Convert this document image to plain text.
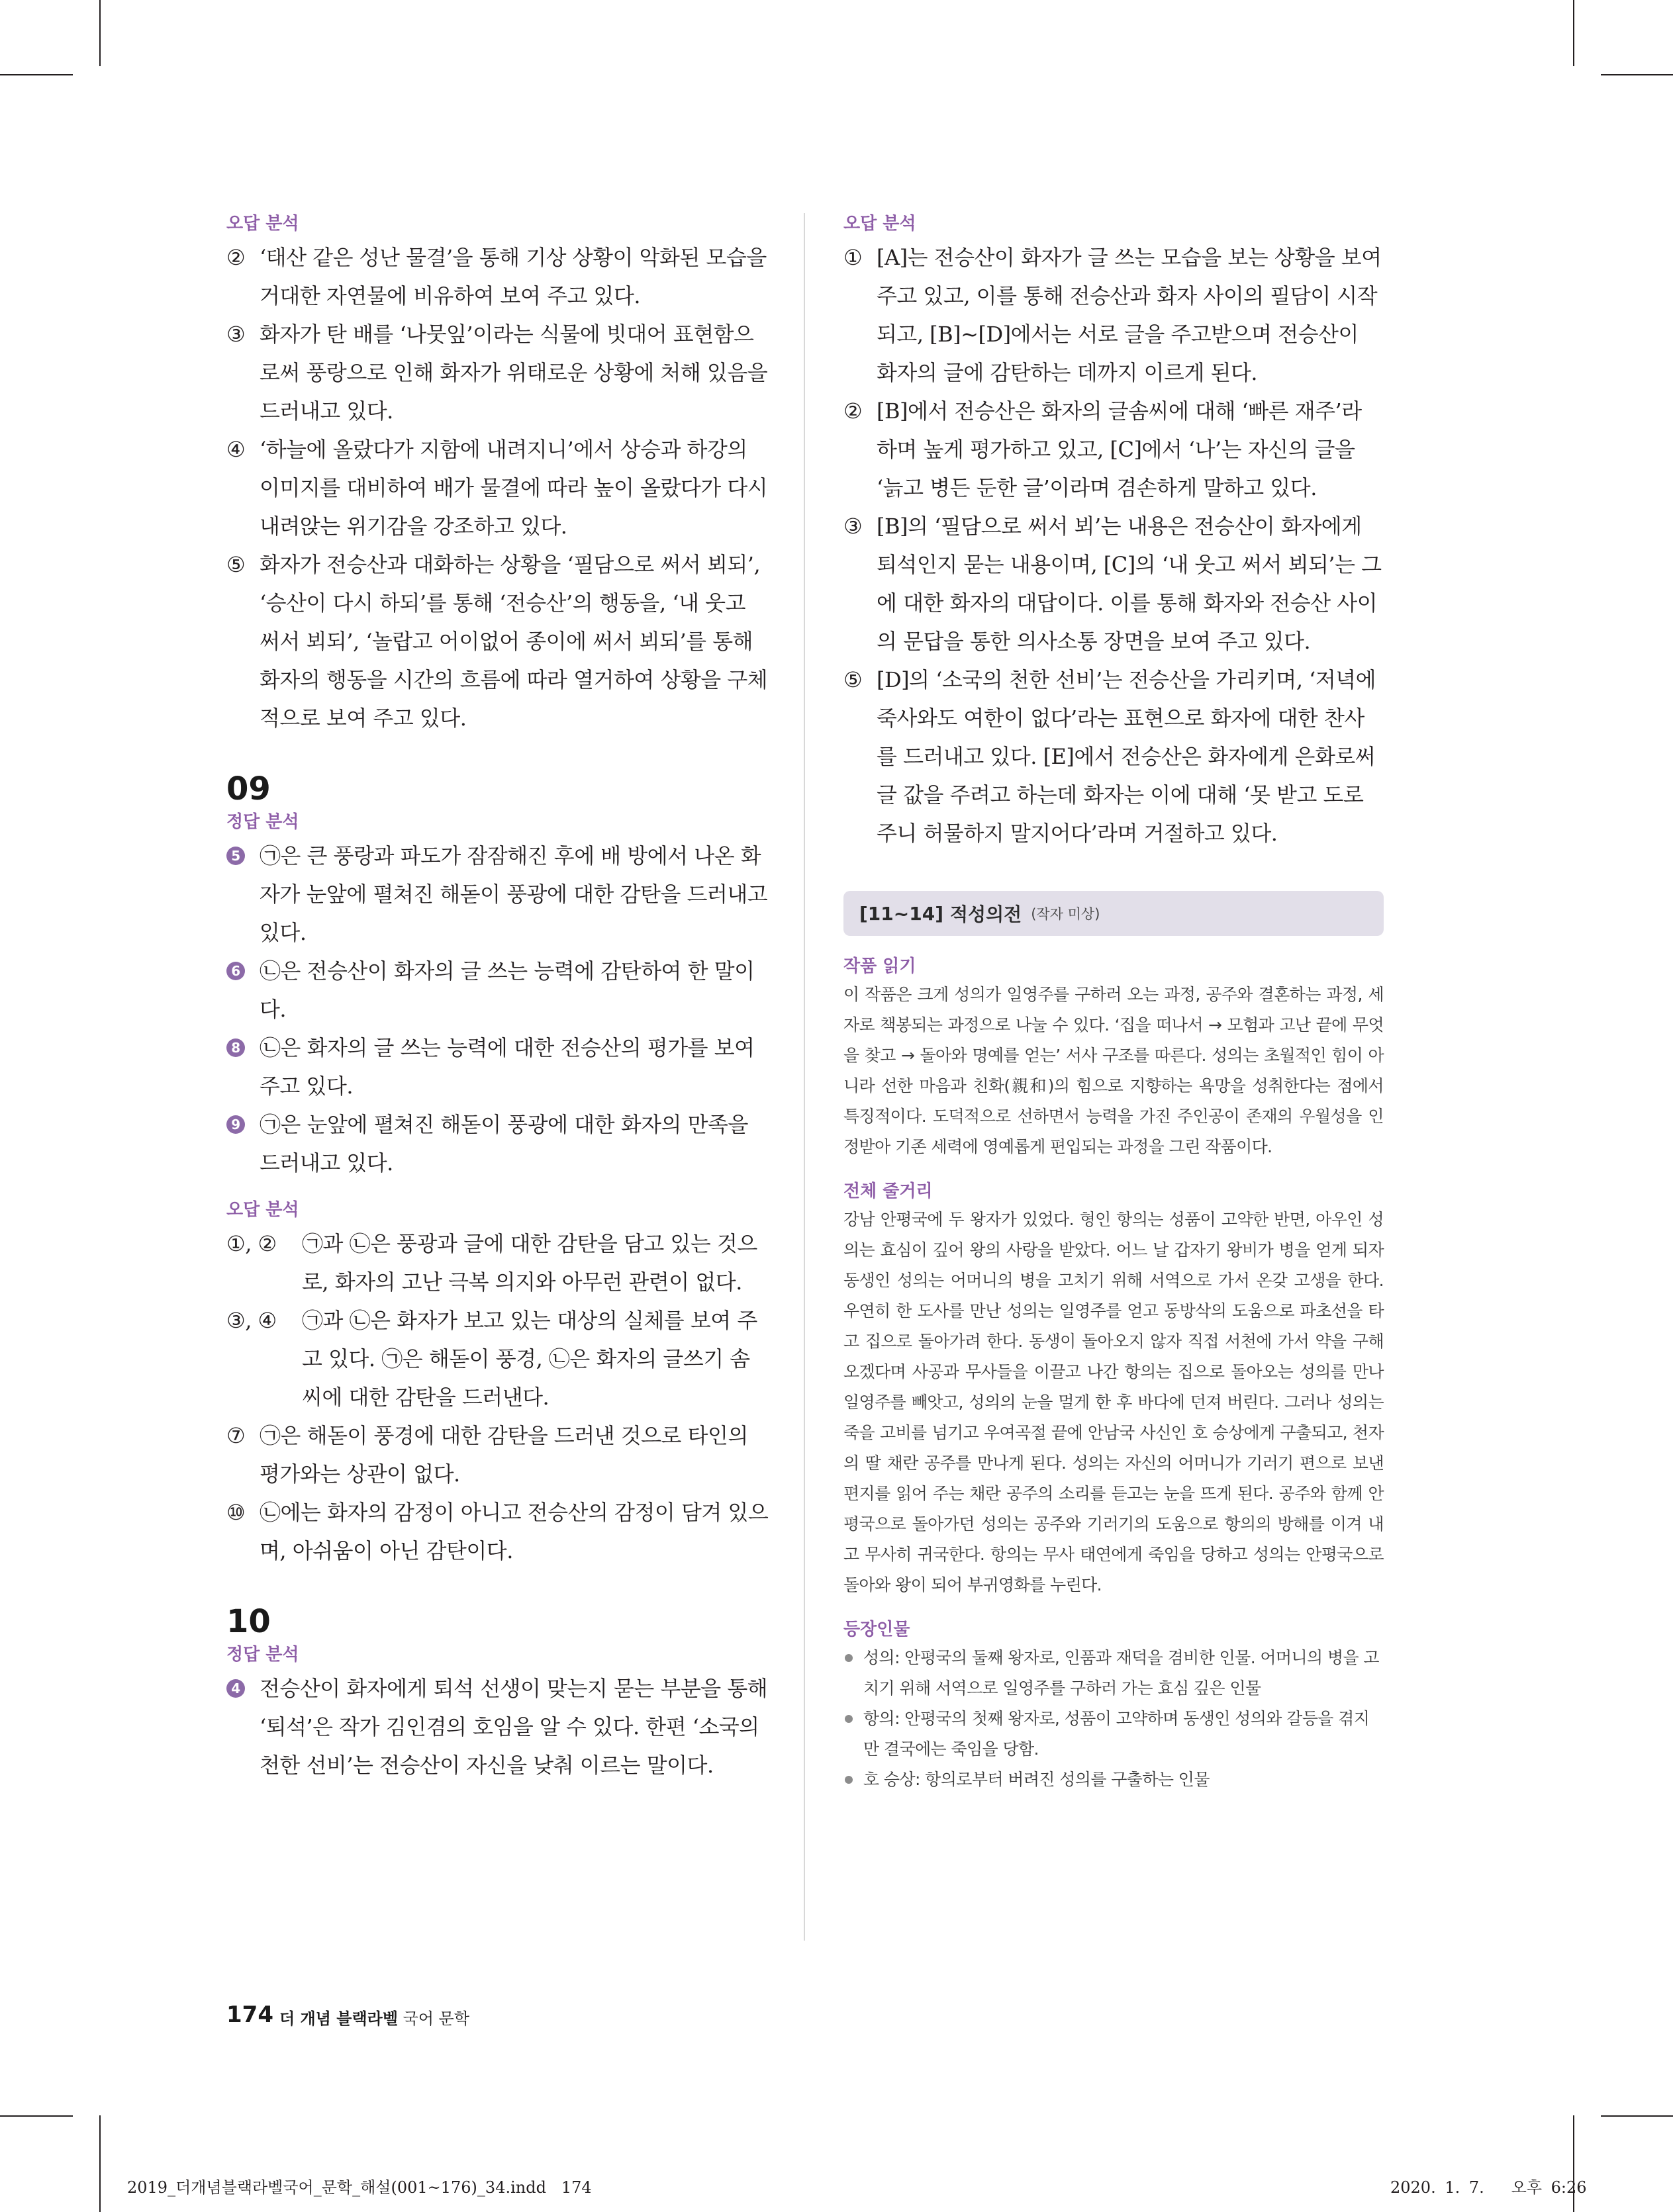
오답 분석

② ‘태산 같은 성난 물결’을 통해 기상 상황이 악화된 모습을 거대한 자연물에 비유하여 보여 주고 있다.
③ 화자가 탄 배를 ‘나뭇잎’이라는 식물에 빗대어 표현함으로써 풍랑으로 인해 화자가 위태로운 상황에 처해 있음을 드러내고 있다.
④ ‘하늘에 올랐다가 지함에 내려지니’에서 상승과 하강의 이미지를 대비하여 배가 물결에 따라 높이 올랐다가 다시 내려앉는 위기감을 강조하고 있다.
⑤ 화자가 전승산과 대화하는 상황을 ‘필담으로 써서 뵈되’, ‘승산이 다시 하되’를 통해 ‘전승산’의 행동을, ‘내 웃고 써서 뵈되’, ‘놀랍고 어이없어 종이에 써서 뵈되’를 통해 화자의 행동을 시간의 흐름에 따라 열거하여 상황을 구체적으로 보여 주고 있다.

09

정답 분석

5 ㉠은 큰 풍랑과 파도가 잠잠해진 후에 배 방에서 나온 화자가 눈앞에 펼쳐진 해돋이 풍광에 대한 감탄을 드러내고 있다.
6 ㉡은 전승산이 화자의 글 쓰는 능력에 감탄하여 한 말이다.
8 ㉡은 화자의 글 쓰는 능력에 대한 전승산의 평가를 보여 주고 있다.
9 ㉠은 눈앞에 펼쳐진 해돋이 풍광에 대한 화자의 만족을 드러내고 있다.

오답 분석

①, ②	㉠과 ㉡은 풍광과 글에 대한 감탄을 담고 있는 것으로, 화자의 고난 극복 의지와 아무런 관련이 없다.
③, ④	㉠과 ㉡은 화자가 보고 있는 대상의 실체를 보여 주고 있다. ㉠은 해돋이 풍경, ㉡은 화자의 글쓰기 솜씨에 대한 감탄을 드러낸다.
⑦ ㉠은 해돋이 풍경에 대한 감탄을 드러낸 것으로 타인의 평가와는 상관이 없다.
⑩ ㉡에는 화자의 감정이 아니고 전승산의 감정이 담겨 있으며, 아쉬움이 아닌 감탄이다.

10

정답 분석

4 전승산이 화자에게 퇴석 선생이 맞는지 묻는 부분을 통해 ‘퇴석’은 작가 김인겸의 호임을 알 수 있다. 한편 ‘소국의 천한 선비’는 전승산이 자신을 낮춰 이르는 말이다.

오답 분석

① [A]는 전승산이 화자가 글 쓰는 모습을 보는 상황을 보여 주고 있고, 이를 통해 전승산과 화자 사이의 필담이 시작되고, [B]~[D]에서는 서로 글을 주고받으며 전승산이 화자의 글에 감탄하는 데까지 이르게 된다.
② [B]에서 전승산은 화자의 글솜씨에 대해 ‘빠른 재주’라 하며 높게 평가하고 있고, [C]에서 ‘나’는 자신의 글을 ‘늙고 병든 둔한 글’이라며 겸손하게 말하고 있다.
③ [B]의 ‘필담으로 써서 뵈’는 내용은 전승산이 화자에게 퇴석인지 묻는 내용이며, [C]의 ‘내 웃고 써서 뵈되’는 그에 대한 화자의 대답이다. 이를 통해 화자와 전승산 사이의 문답을 통한 의사소통 장면을 보여 주고 있다.
⑤ [D]의 ‘소국의 천한 선비’는 전승산을 가리키며, ‘저녁에 죽사와도 여한이 없다’라는 표현으로 화자에 대한 찬사를 드러내고 있다. [E]에서 전승산은 화자에게 은화로써 글 값을 주려고 하는데 화자는 이에 대해 ‘못 받고 도로 주니 허물하지 말지어다’라며 거절하고 있다.
[11~14] 적성의전 (작자 미상)

작품 읽기

이 작품은 크게 성의가 일영주를 구하러 오는 과정, 공주와 결혼하는 과정, 세자로 책봉되는 과정으로 나눌 수 있다. ‘집을 떠나서 → 모험과 고난 끝에 무엇을 찾고 → 돌아와 명예를 얻는’ 서사 구조를 따른다. 성의는 초월적인 힘이 아니라 선한 마음과 친화(親和)의 힘으로 지향하는 욕망을 성취한다는 점에서 특징적이다. 도덕적으로 선하면서 능력을 가진 주인공이 존재의 우월성을 인정받아 기존 세력에 영예롭게 편입되는 과정을 그린 작품이다.

전체 줄거리

강남 안평국에 두 왕자가 있었다. 형인 항의는 성품이 고약한 반면, 아우인 성의는 효심이 깊어 왕의 사랑을 받았다. 어느 날 갑자기 왕비가 병을 얻게 되자 동생인 성의는 어머니의 병을 고치기 위해 서역으로 가서 온갖 고생을 한다. 우연히 한 도사를 만난 성의는 일영주를 얻고 동방삭의 도움으로 파초선을 타고 집으로 돌아가려 한다. 동생이 돌아오지 않자 직접 서천에 가서 약을 구해 오겠다며 사공과 무사들을 이끌고 나간 항의는 집으로 돌아오는 성의를 만나 일영주를 빼앗고, 성의의 눈을 멀게 한 후 바다에 던져 버린다. 그러나 성의는 죽을 고비를 넘기고 우여곡절 끝에 안남국 사신인 호 승상에게 구출되고, 천자의 딸 채란 공주를 만나게 된다. 성의는 자신의 어머니가 기러기 편으로 보낸 편지를 읽어 주는 채란 공주의 소리를 듣고는 눈을 뜨게 된다. 공주와 함께 안평국으로 돌아가던 성의는 공주와 기러기의 도움으로 항의의 방해를 이겨 내고 무사히 귀국한다. 항의는 무사 태연에게 죽임을 당하고 성의는 안평국으로 돌아와 왕이 되어 부귀영화를 누린다.

등장인물

성의: 안평국의 둘째 왕자로, 인품과 재덕을 겸비한 인물. 어머니의 병을 고치기 위해 서역으로 일영주를 구하러 가는 효심 깊은 인물
항의: 안평국의 첫째 왕자로, 성품이 고약하며 동생인 성의와 갈등을 겪지만 결국에는 죽임을 당함.
호 승상: 항의로부터 버려진 성의를 구출하는 인물
174 더 개념 블랙라벨 국어 문학
2019_더개념블랙라벨국어_문학_해설(001~176)_34.indd   174	2020. 1. 7.   오후 6:26
